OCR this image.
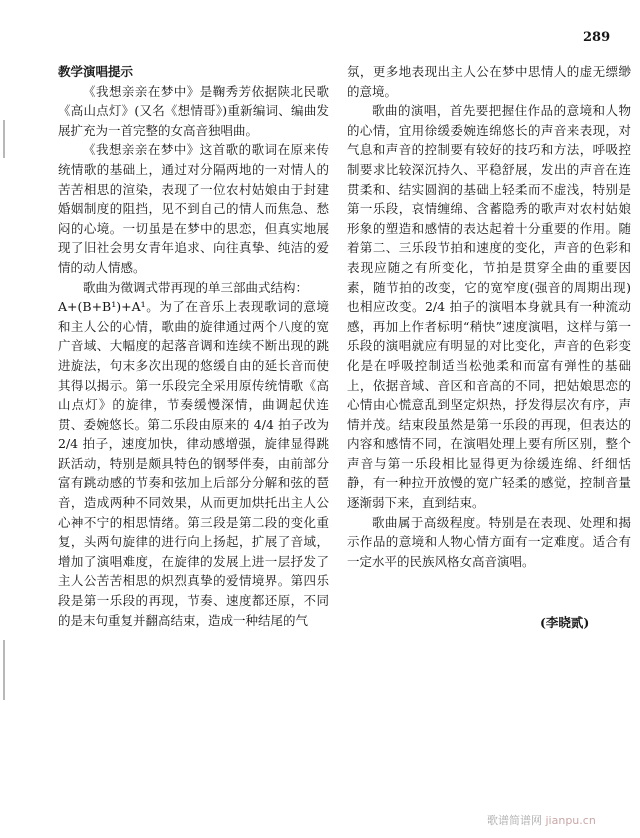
289

教学演唱提示

《我想亲亲在梦中》是鞠秀芳依据陕北民歌《高山点灯》(又名《想情哥》)重新编词、编曲发展扩充为一首完整的女高音独唱曲。

《我想亲亲在梦中》这首歌的歌词在原来传统情歌的基础上，通过对分隔两地的一对情人的苦苦相思的渲染，表现了一位农村姑娘由于封建婚姻制度的阻挡，见不到自己的情人而焦急、愁闷的心境。一切虽是在梦中的思恋，但真实地展现了旧社会男女青年追求、向往真挚、纯洁的爱情的动人情感。

歌曲为徵调式带再现的单三部曲式结构：

A+(B+B¹)+A¹。为了在音乐上表现歌词的意境和主人公的心情，歌曲的旋律通过两个八度的宽广音域、大幅度的起落音调和连续不断出现的跳进旋法，句末多次出现的悠缓自由的延长音而使其得以揭示。第一乐段完全采用原传统情歌《高山点灯》的旋律，节奏缓慢深情，曲调起伏连贯、委婉悠长。第二乐段由原来的 4/4 拍子改为 2/4 拍子，速度加快，律动感增强，旋律显得跳跃活动，特别是颇具特色的钢琴伴奏，由前部分富有跳动感的节奏和弦加上后部分分解和弦的琶音，造成两种不同效果，从而更加烘托出主人公心神不宁的相思情绪。第三段是第二段的变化重复，头两句旋律的进行向上扬起，扩展了音域，增加了演唱难度，在旋律的发展上进一层抒发了主人公苦苦相思的炽烈真挚的爱情境界。第四乐段是第一乐段的再现，节奏、速度都还原，不同的是末句重复并翻高结束，造成一种结尾的气

氛，更多地表现出主人公在梦中思情人的虚无缥缈的意境。

歌曲的演唱，首先要把握住作品的意境和人物的心情，宜用徐缓委婉连绵悠长的声音来表现，对气息和声音的控制要有较好的技巧和方法，呼吸控制要求比较深沉持久、平稳舒展，发出的声音在连贯柔和、结实圆润的基础上轻柔而不虚浅，特别是第一乐段，哀情缠绵、含蓄隐秀的歌声对农村姑娘形象的塑造和感情的表达起着十分重要的作用。随着第二、三乐段节拍和速度的变化，声音的色彩和表现应随之有所变化，节拍是贯穿全曲的重要因素，随节拍的改变，它的宽窄度(强音的周期出现)也相应改变。2/4 拍子的演唱本身就具有一种流动感，再加上作者标明“稍快”速度演唱，这样与第一乐段的演唱就应有明显的对比变化，声音的色彩变化是在呼吸控制适当松弛柔和而富有弹性的基础上，依据音域、音区和音高的不同，把姑娘思恋的心情由心慌意乱到坚定炽热，抒发得层次有序，声情并茂。结束段虽然是第一乐段的再现，但表达的内容和感情不同，在演唱处理上要有所区别，整个声音与第一乐段相比显得更为徐缓连绵、纤细恬静，有一种拉开放慢的宽广轻柔的感觉，控制音量逐渐弱下来，直到结束。

歌曲属于高级程度。特别是在表现、处理和揭示作品的意境和人物心情方面有一定难度。适合有一定水平的民族风格女高音演唱。

(李晓贰)
歌谱简谱网 jianpu.cn
